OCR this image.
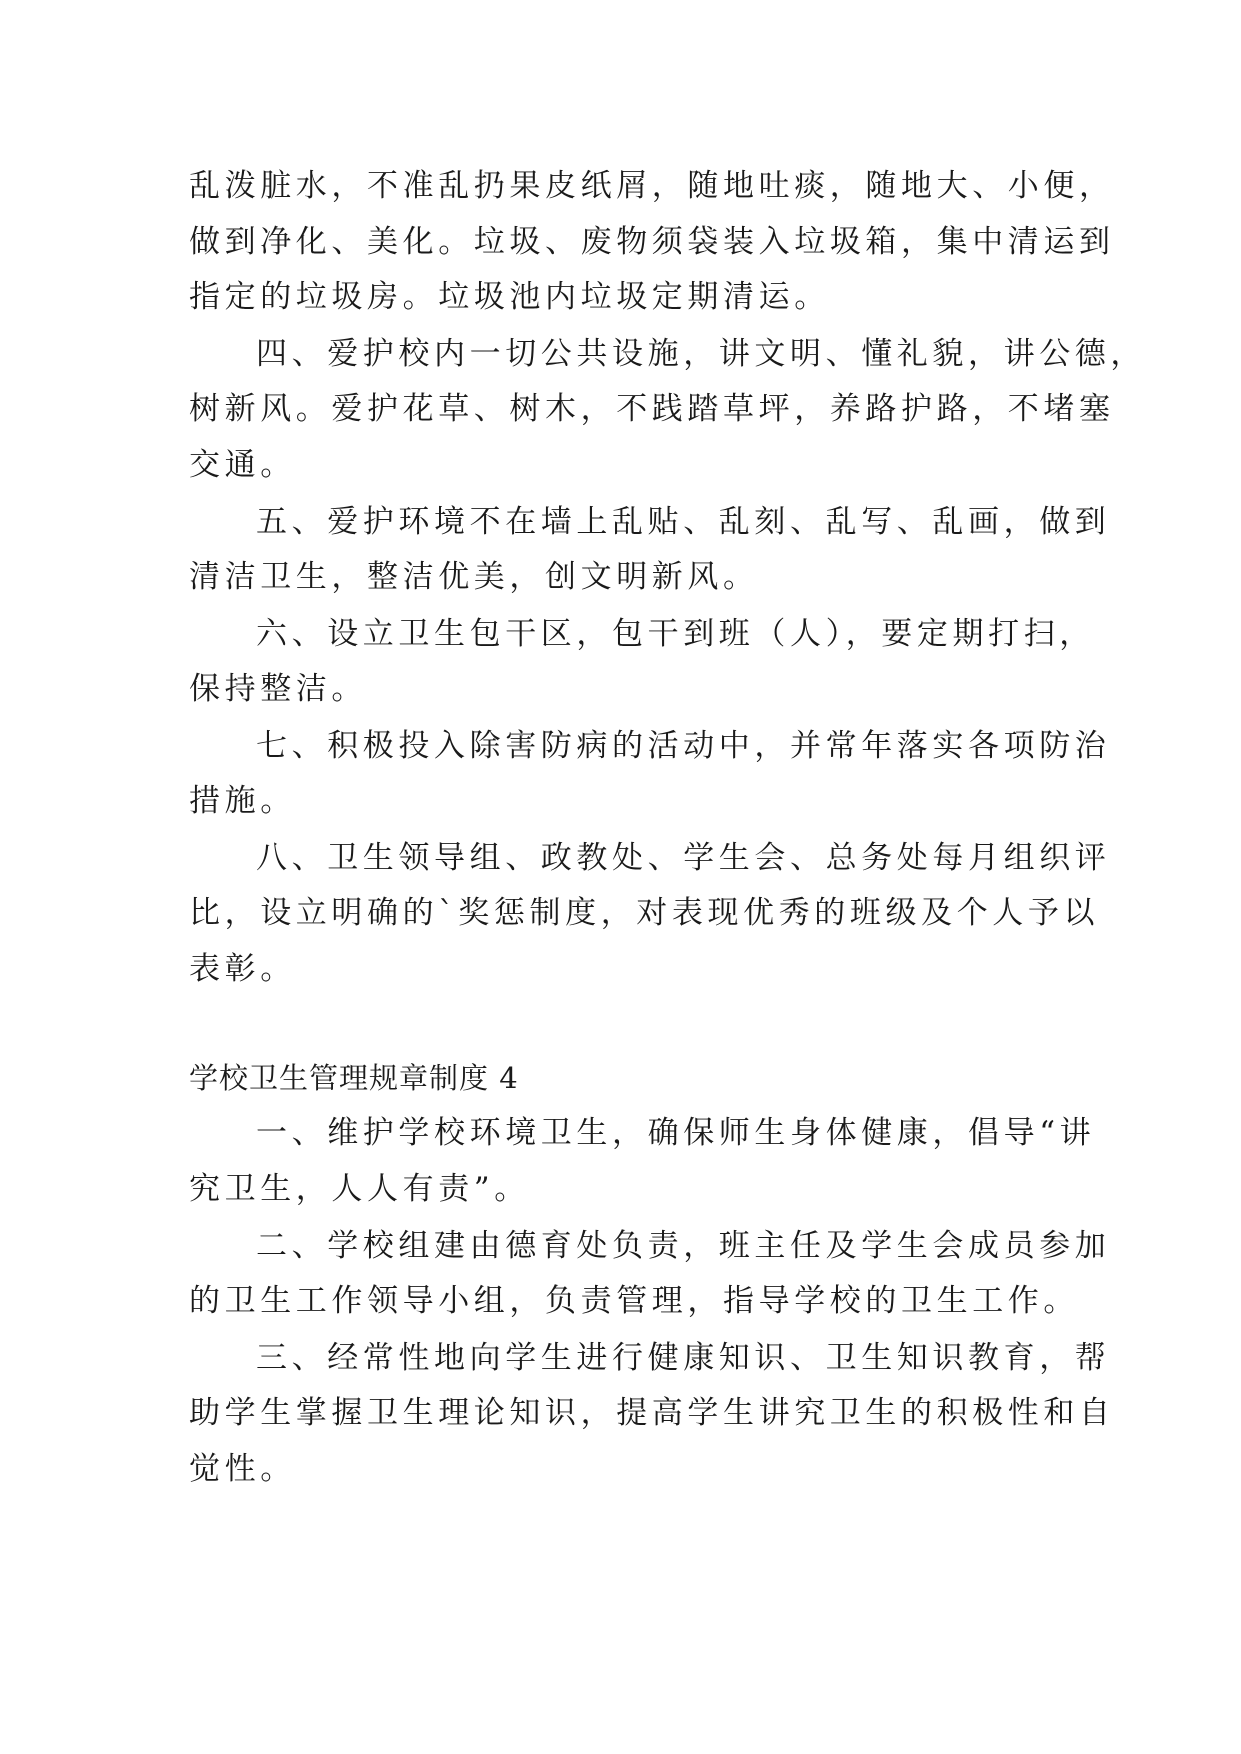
乱泼脏水，不准乱扔果皮纸屑，随地吐痰，随地大、小便，
做到净化、美化。垃圾、废物须袋装入垃圾箱，集中清运到
指定的垃圾房。垃圾池内垃圾定期清运。
四、爱护校内一切公共设施，讲文明、懂礼貌，讲公德，
树新风。爱护花草、树木，不践踏草坪，养路护路，不堵塞
交通。
五、爱护环境不在墙上乱贴、乱刻、乱写、乱画，做到
清洁卫生，整洁优美，创文明新风。
六、设立卫生包干区，包干到班（人），要定期打扫，
保持整洁。
七、积极投入除害防病的活动中，并常年落实各项防治
措施。
八、卫生领导组、政教处、学生会、总务处每月组织评
比，设立明确的`奖惩制度，对表现优秀的班级及个人予以
表彰。
学校卫生管理规章制度 4
一、维护学校环境卫生，确保师生身体健康，倡导“讲
究卫生，人人有责”。
二、学校组建由德育处负责，班主任及学生会成员参加
的卫生工作领导小组，负责管理，指导学校的卫生工作。
三、经常性地向学生进行健康知识、卫生知识教育，帮
助学生掌握卫生理论知识，提高学生讲究卫生的积极性和自
觉性。
